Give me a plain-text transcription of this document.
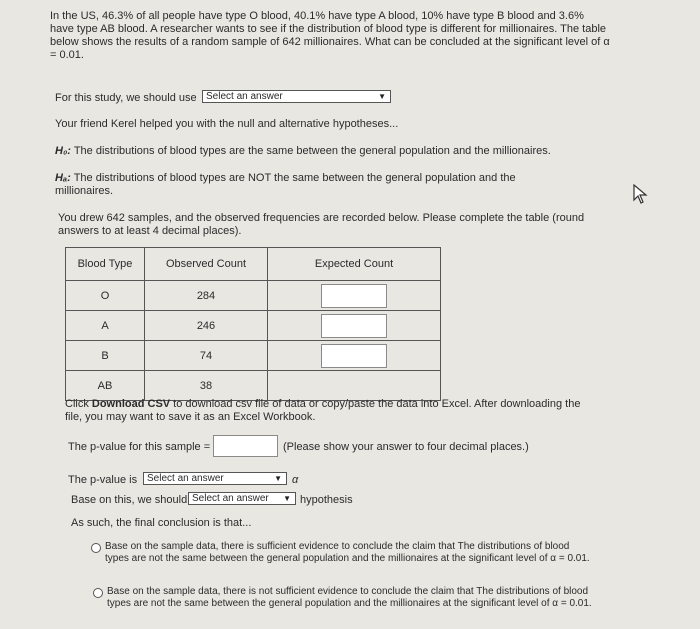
In the US, 46.3% of all people have type O blood, 40.1% have type A blood, 10% have type B blood and 3.6% have type AB blood. A researcher wants to see if the distribution of blood type is different for millionaires. The table below shows the results of a random sample of 642 millionaires. What can be concluded at the significant level of α = 0.01.
For this study, we should use Select an answer	▼
Your friend Kerel helped you with the null and alternative hypotheses...
H₀: The distributions of blood types are the same between the general population and the millionaires.
Hₐ: The distributions of blood types are NOT the same between the general population and the millionaires.
You drew 642 samples, and the observed frequencies are recorded below. Please complete the table (round answers to at least 4 decimal places).
Blood Type	Observed Count	Expected Count
O	284	
A	246	
B	74	
AB	38	
Click Download CSV to download csv file of data or copy/paste the data into Excel. After downloading the file, you may want to save it as an Excel Workbook.
The p-value for this sample =	(Please show your answer to four decimal places.)
The p-value is Select an answer	▼ α
Base on this, we should Select an answer ▼ hypothesis
As such, the final conclusion is that...
Base on the sample data, there is sufficient evidence to conclude the claim that The distributions of blood types are not the same between the general population and the millionaires at the significant level of α = 0.01.
Base on the sample data, there is not sufficient evidence to conclude the claim that The distributions of blood types are not the same between the general population and the millionaires at the significant level of α = 0.01.
